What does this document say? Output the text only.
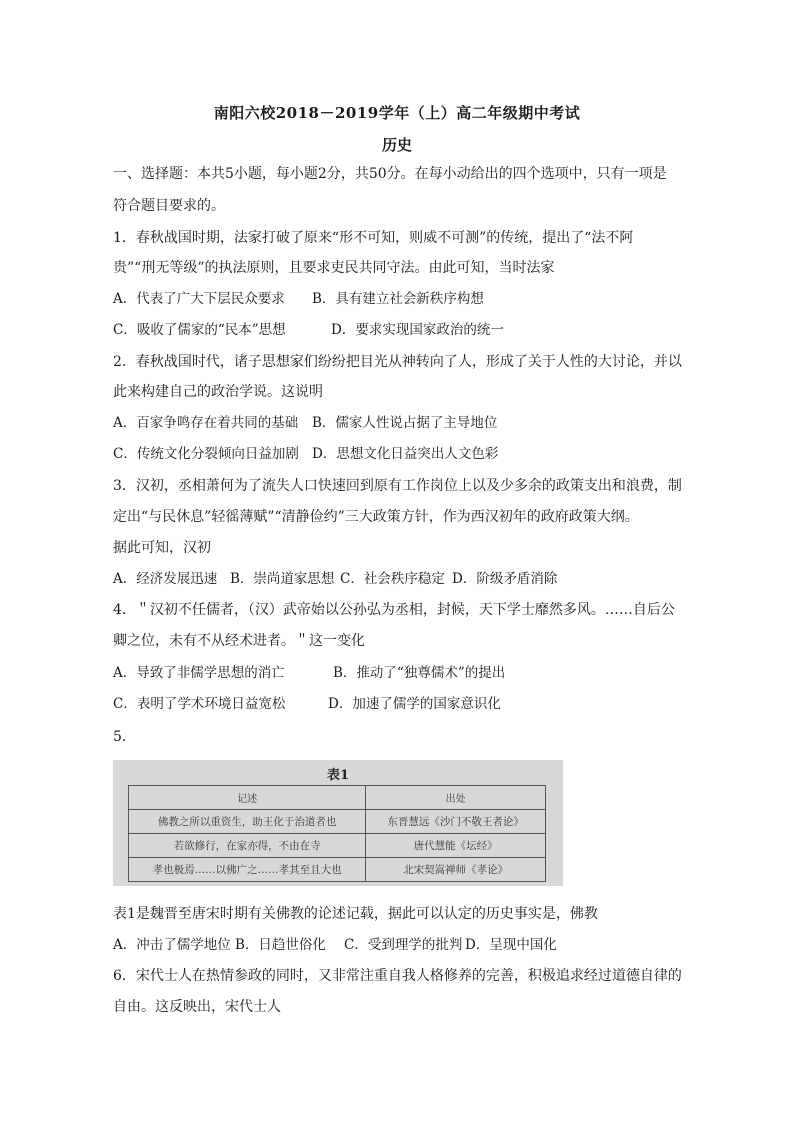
南阳六校2018－2019学年（上）高二年级期中考试
历史
一、选择题：本共5小题，每小题2分，共50分。在每小动给出的四个选项中，只有一项是
符合题目要求的。
1．春秋战国时期，法家打破了原来“形不可知，则威不可测”的传统，提出了“法不阿
贵”“刑无等级”的执法原则，且要求吏民共同守法。由此可知，当时法家
A．代表了广大下层民众要求 B．具有建立社会新秩序构想
C．吸收了儒家的“民本”思想	D．要求实现国家政治的统一
2．春秋战国时代，诸子思想家们纷纷把目光从神转向了人，形成了关于人性的大讨论，并以
此来构建自己的政治学说。这说明
A．百家争鸣存在着共同的基础 B．儒家人性说占据了主导地位
C．传统文化分裂倾向日益加剧 D．思想文化日益突出人文色彩
3．汉初，丞相萧何为了流失人口快速回到原有工作岗位上以及少多余的政策支出和浪费，制
定出“与民休息”轻徭薄赋”“清静俭约”三大政策方针，作为西汉初年的政府政策大纲。
据此可知，汉初
A．经济发展迅速 B．崇尚道家思想 C．社会秩序稳定 D．阶级矛盾消除
4．＂汉初不任儒者，（汉）武帝始以公孙弘为丞相，封候，天下学士靡然多风。……自后公
卿之位，未有不从经术进者。＂这一变化
A．导致了非儒学思想的消亡	B．推动了“独尊儒术”的提出
C．表明了学术环境日益宽松	D．加速了儒学的国家意识化
5．
表1
记述	出处
佛教之所以重资生，助王化于治道者也	东晋慧远《沙门不敬王者论》
若欲修行，在家亦得，不由在寺	唐代慧能《坛经》
孝也极焉……以佛广之……孝其至且大也	北宋契嵩禅师《孝论》
表1是魏晋至唐宋时期有关佛教的论述记载，据此可以认定的历史事实是，佛教
A．冲击了儒学地位 B．日趋世俗化 C．受到理学的批判 D．呈现中国化
6．宋代士人在热情参政的同时，又非常注重自我人格修养的完善，积极追求经过道德自律的
自由。这反映出，宋代士人
